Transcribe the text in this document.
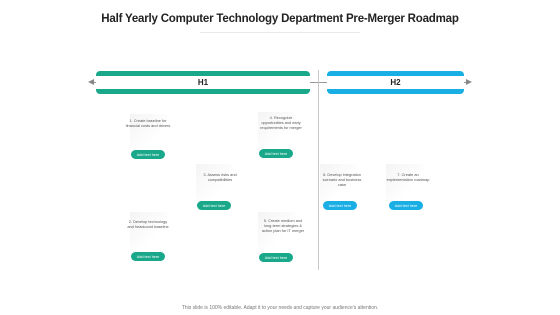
Half Yearly Computer Technology Department Pre-Merger Roadmap
H1	H2
1. Create baseline for financial costs and drivers
Add text here
2. Develop technology and headcount baseline
Add text here
3. Assess risks and compatibilities
Add text here
4. Recognize opportunities and early requirements for merger
Add text here
5. Create medium and long-term strategies & action plan for IT merger
Add text here
6. Develop integration scenario and business case
Add text here
7. Create an implementation roadmap
Add text here
This slide is 100% editable. Adapt it to your needs and capture your audience's attention.
